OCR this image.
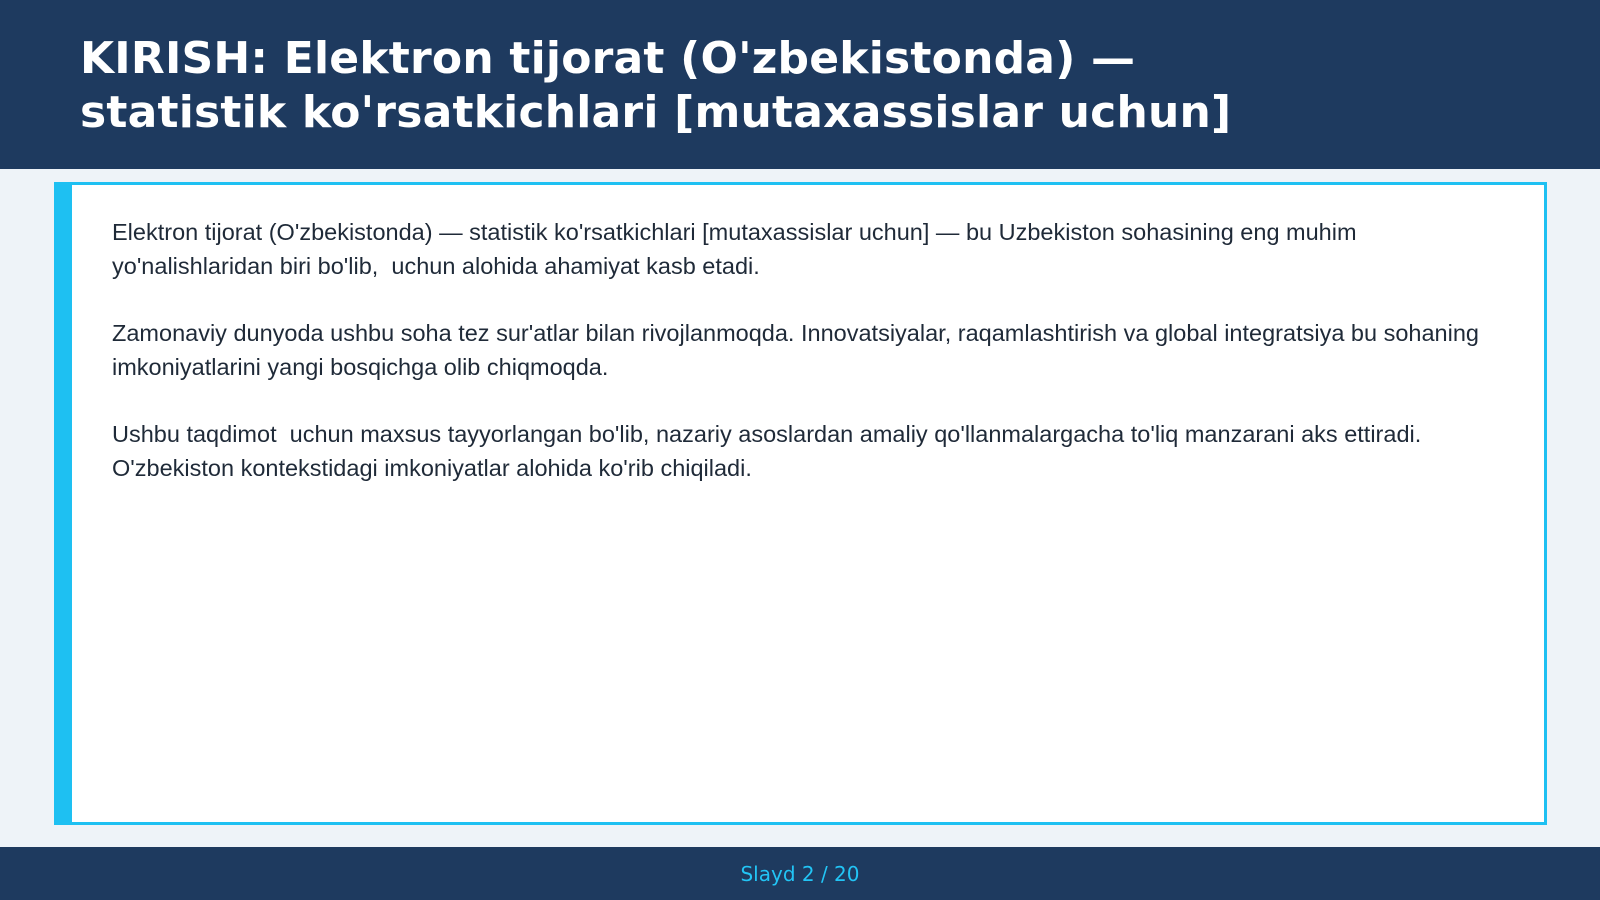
KIRISH: Elektron tijorat (O'zbekistonda) — statistik ko'rsatkichlari [mutaxassislar uchun]

Elektron tijorat (O'zbekistonda) — statistik ko'rsatkichlari [mutaxassislar uchun] — bu Uzbekiston sohasining eng muhim yo'nalishlaridan biri bo'lib,  uchun alohida ahamiyat kasb etadi.

Zamonaviy dunyoda ushbu soha tez sur'atlar bilan rivojlanmoqda. Innovatsiyalar, raqamlashtirish va global integratsiya bu sohaning imkoniyatlarini yangi bosqichga olib chiqmoqda.

Ushbu taqdimot  uchun maxsus tayyorlangan bo'lib, nazariy asoslardan amaliy qo'llanmalargacha to'liq manzarani aks ettiradi. O'zbekiston kontekstidagi imkoniyatlar alohida ko'rib chiqiladi.

Slayd 2 / 20
